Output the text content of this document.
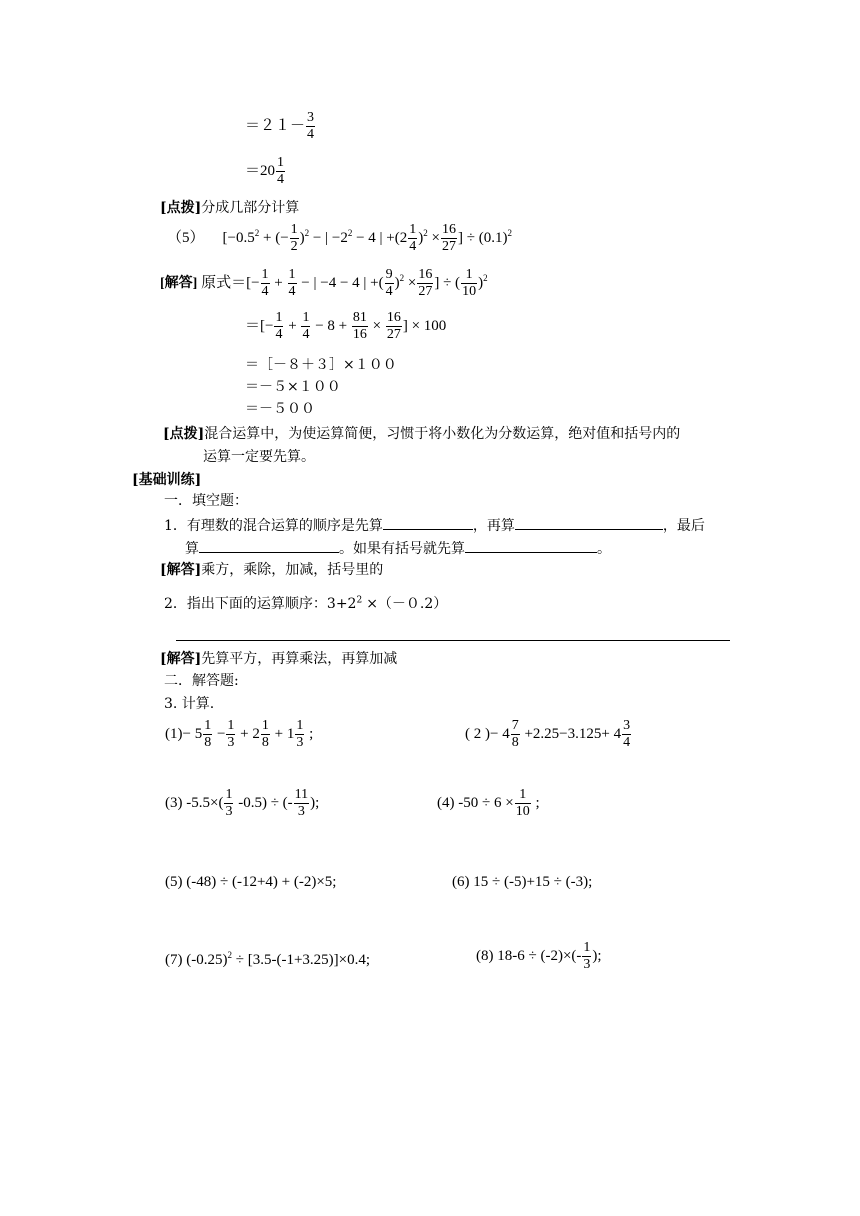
$=21- \frac{3}{4}$
$=20 \frac{1}{4}$
[点拨]分成几部分计算
（5） [$-0.5^2$ + (− $\frac{1}{2} )^2$ − | $-2^2 - 4$ | $+(2 \frac{1}{4} )^2 \times \frac{16}{27}$ ] ÷ $(0.1)^2$
[解答] 原式＝[− $\frac{1}{4} + \frac{1}{4}$ − | −4 − 4 | +( $\frac{9}{4} )^2 \times \frac{16}{27}$ ] ÷ ( $\frac{1}{10} )^2$
＝[− $\frac{1}{4} + \frac{1}{4} - 8 + \frac{81}{16} \times \frac{16}{27}$ ] × 100
＝［－８＋３］×１００
＝－５×１００
＝－５００
[点拨]混合运算中，为使运算简便，习惯于将小数化为分数运算，绝对值和括号内的
运算一定要先算。
[基础训练]
一．填空题：
1．有理数的混合运算的顺序是先算	，再算	，最后
算	。如果有括号就先算	。
[解答]乘方，乘除，加减，括号里的
2．指出下面的运算顺序：$3+2^2 \times(-0.2)$
[解答]先算平方，再算乘法，再算加减
二．解答题:
3. 计算.
$(1)- 5 \frac{1}{8} - \frac{1}{3} + 2 \frac{1}{8} + 1 \frac{1}{3}$ ;	( 2 )− $4 \frac{7}{8} +2.25-3.125+ 4 \frac{3}{4}$
(3) $-5.5\times( \frac{1}{3} -0.5)$ ÷ (- $\frac{11}{3}$ );	(4) $-50 \div 6 \times \frac{1}{10}$ ;
(5) (-48) ÷ (-12+4) + (-2)×5;	(6) 15 ÷ (-5)+15 ÷ (-3);
(7) $(-0.25)^2 \div [3.5-(-1+3.25)]\times 0.4$;	(8) $18-6 \div (-2)\times(- \frac{1}{3}$ );
